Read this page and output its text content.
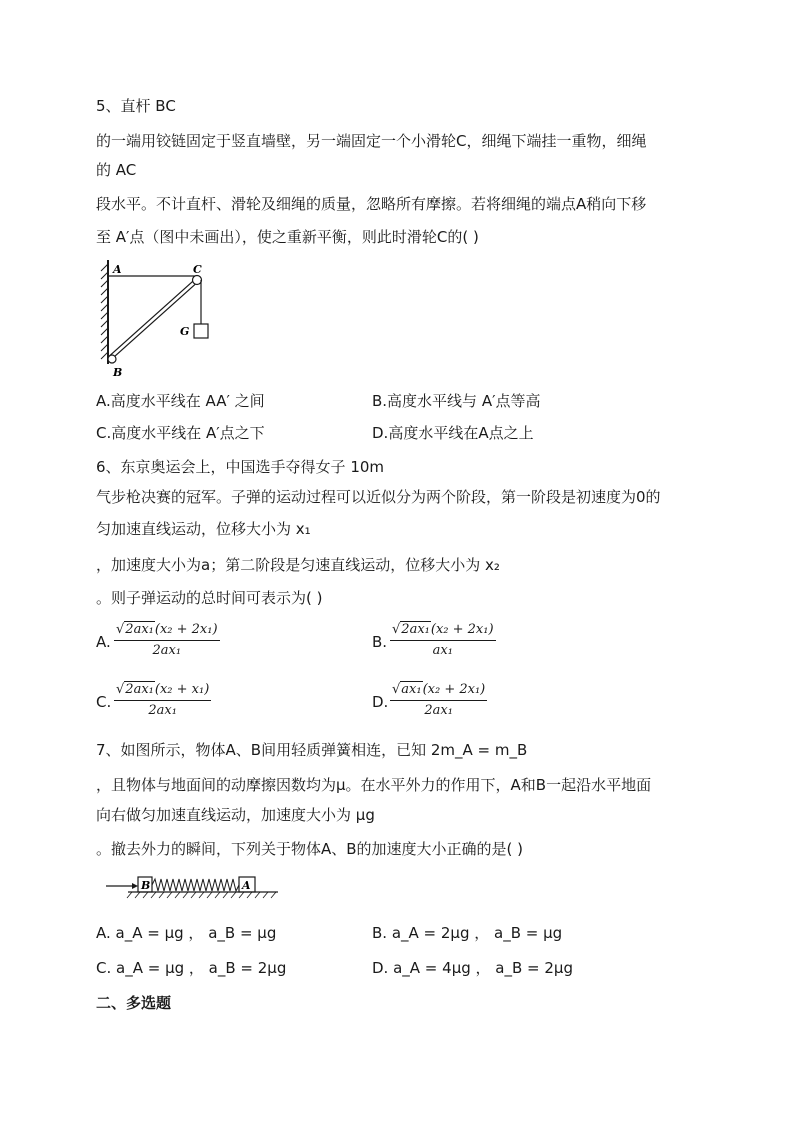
5、直杆 BC
的一端用铰链固定于竖直墙壁，另一端固定一个小滑轮C，细绳下端挂一重物，细绳
的 AC
段水平。不计直杆、滑轮及细绳的质量，忽略所有摩擦。若将细绳的端点A稍向下移
至 A′点（图中未画出），使之重新平衡，则此时滑轮C的( )
A	C
G
B
A.高度水平线在 AA′ 之间	B.高度水平线与 A′点等高
C.高度水平线在 A′点之下	D.高度水平线在A点之上
6、东京奥运会上，中国选手夺得女子 10m
气步枪决赛的冠军。子弹的运动过程可以近似分为两个阶段，第一阶段是初速度为0的
匀加速直线运动，位移大小为 x₁
，加速度大小为a；第二阶段是匀速直线运动，位移大小为 x₂
。则子弹运动的总时间可表示为( )
A. $\frac{\text{√2ax₁(x₂ + 2x₁)}}{\text{2ax₁}}$	B. $\frac{\text{√2ax₁(x₂ + 2x₁)}}{\text{ax₁}}$
C. $\frac{\text{√2ax₁(x₂ + x₁)}}{\text{2ax₁}}$	D. $\frac{\text{√ax₁(x₂ + 2x₁)}}{\text{2ax₁}}$
7、如图所示，物体A、B间用轻质弹簧相连，已知 2m_A = m_B
，且物体与地面间的动摩擦因数均为μ。在水平外力的作用下，A和B一起沿水平地面
向右做匀加速直线运动，加速度大小为 μg
。撤去外力的瞬间，下列关于物体A、B的加速度大小正确的是( )
B	A
A. a_A = μg ， a_B = μg	B. a_A = 2μg ， a_B = μg
C. a_A = μg ， a_B = 2μg	D. a_A = 4μg ， a_B = 2μg
二、多选题
